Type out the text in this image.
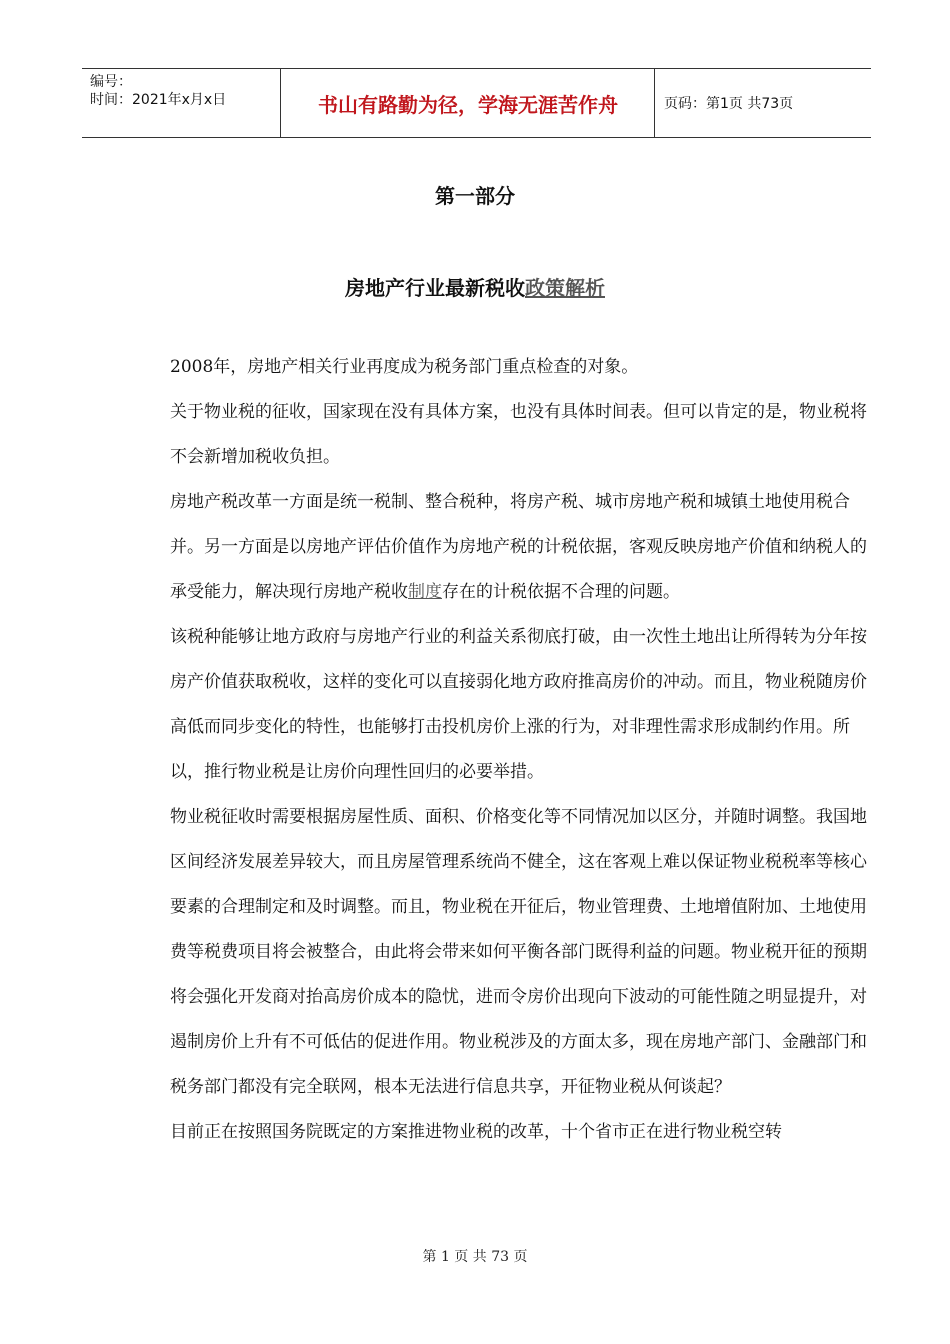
编号：
时间：2021年x月x日	书山有路勤为径，学海无涯苦作舟	页码：第1页 共73页
第一部分
房地产行业最新税收政策解析

2008年，房地产相关行业再度成为税务部门重点检查的对象。

关于物业税的征收，国家现在没有具体方案，也没有具体时间表。但可以肯定的是，物业税将不会新增加税收负担。

房地产税改革一方面是统一税制、整合税种，将房产税、城市房地产税和城镇土地使用税合并。另一方面是以房地产评估价值作为房地产税的计税依据，客观反映房地产价值和纳税人的承受能力，解决现行房地产税收制度存在的计税依据不合理的问题。

该税种能够让地方政府与房地产行业的利益关系彻底打破，由一次性土地出让所得转为分年按房产价值获取税收，这样的变化可以直接弱化地方政府推高房价的冲动。而且，物业税随房价高低而同步变化的特性，也能够打击投机房价上涨的行为，对非理性需求形成制约作用。所以，推行物业税是让房价向理性回归的必要举措。

物业税征收时需要根据房屋性质、面积、价格变化等不同情况加以区分，并随时调整。我国地区间经济发展差异较大，而且房屋管理系统尚不健全，这在客观上难以保证物业税税率等核心要素的合理制定和及时调整。而且，物业税在开征后，物业管理费、土地增值附加、土地使用费等税费项目将会被整合，由此将会带来如何平衡各部门既得利益的问题。物业税开征的预期将会强化开发商对抬高房价成本的隐忧，进而令房价出现向下波动的可能性随之明显提升，对遏制房价上升有不可低估的促进作用。物业税涉及的方面太多，现在房地产部门、金融部门和税务部门都没有完全联网，根本无法进行信息共享，开征物业税从何谈起？

目前正在按照国务院既定的方案推进物业税的改革，十个省市正在进行物业税空转

第 1 页 共 73 页
